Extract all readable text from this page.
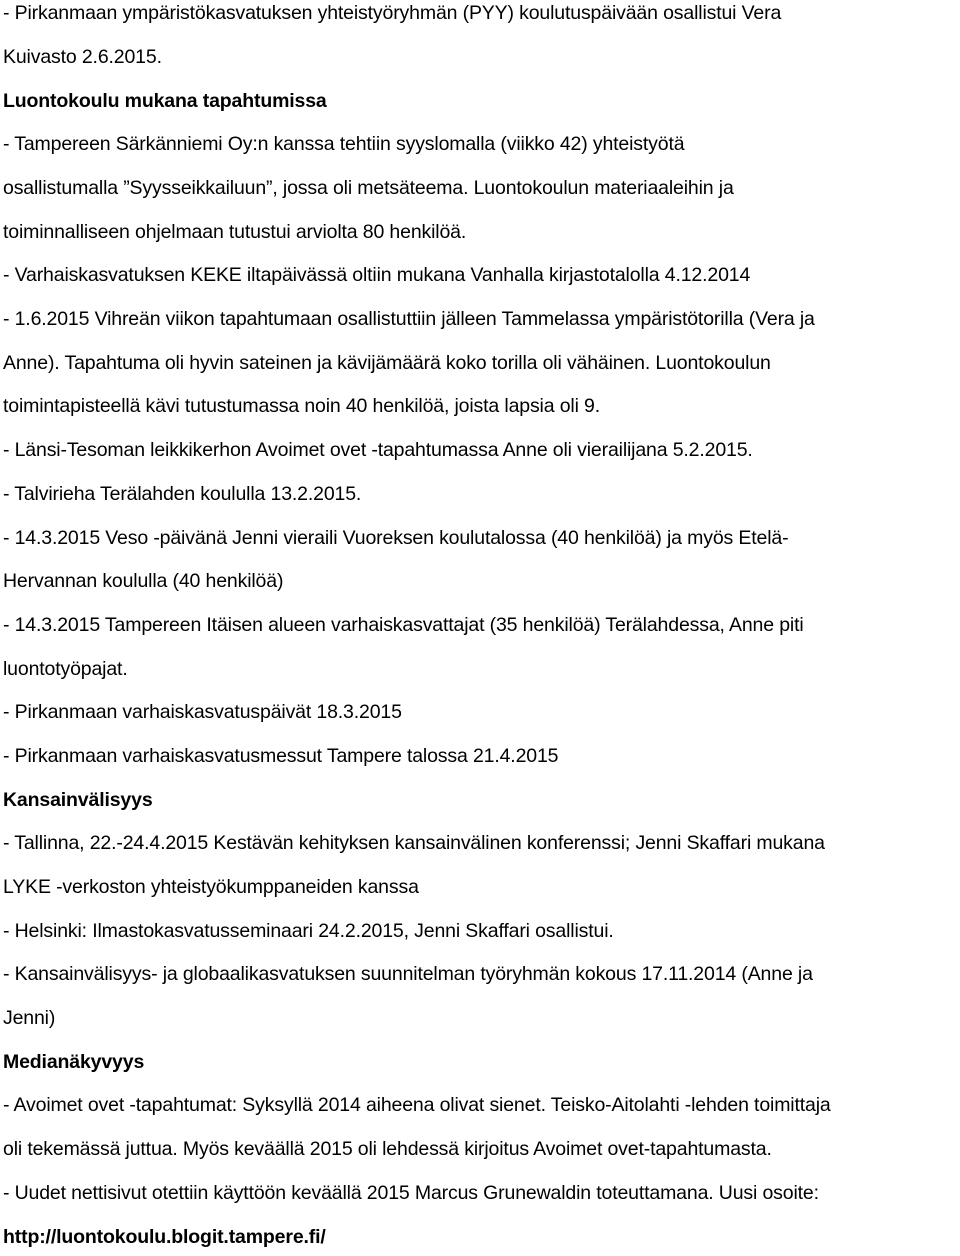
- Pirkanmaan ympäristökasvatuksen yhteistyöryhmän (PYY) koulutuspäivään osallistui Vera
Kuivasto 2.6.2015.
Luontokoulu mukana tapahtumissa
- Tampereen Särkänniemi Oy:n kanssa tehtiin syyslomalla (viikko 42) yhteistyötä
osallistumalla ”Syysseikkailuun”, jossa oli metsäteema. Luontokoulun materiaaleihin ja
toiminnalliseen ohjelmaan tutustui arviolta 80 henkilöä.
- Varhaiskasvatuksen KEKE iltapäivässä oltiin mukana Vanhalla kirjastotalolla 4.12.2014
- 1.6.2015 Vihreän viikon tapahtumaan osallistuttiin jälleen Tammelassa ympäristötorilla (Vera ja
Anne). Tapahtuma oli hyvin sateinen ja kävijämäärä koko torilla oli vähäinen. Luontokoulun
toimintapisteellä kävi tutustumassa noin 40 henkilöä, joista lapsia oli 9.
- Länsi-Tesoman leikkikerhon Avoimet ovet -tapahtumassa Anne oli vierailijana 5.2.2015.
- Talvirieha Terälahden koululla 13.2.2015.
- 14.3.2015 Veso -päivänä Jenni vieraili Vuoreksen koulutalossa (40 henkilöä) ja myös Etelä-
Hervannan koululla (40 henkilöä)
- 14.3.2015 Tampereen Itäisen alueen varhaiskasvattajat (35 henkilöä) Terälahdessa, Anne piti
luontotyöpajat.
- Pirkanmaan varhaiskasvatuspäivät 18.3.2015
- Pirkanmaan varhaiskasvatusmessut Tampere talossa 21.4.2015
Kansainvälisyys
- Tallinna, 22.-24.4.2015 Kestävän kehityksen kansainvälinen konferenssi; Jenni Skaffari mukana
LYKE -verkoston yhteistyökumppaneiden kanssa
- Helsinki: Ilmastokasvatusseminaari 24.2.2015, Jenni Skaffari osallistui.
- Kansainvälisyys- ja globaalikasvatuksen suunnitelman työryhmän kokous 17.11.2014 (Anne ja
Jenni)
Medianäkyvyys
- Avoimet ovet -tapahtumat: Syksyllä 2014 aiheena olivat sienet. Teisko-Aitolahti -lehden toimittaja
oli tekemässä juttua. Myös keväällä 2015 oli lehdessä kirjoitus Avoimet ovet-tapahtumasta.
- Uudet nettisivut otettiin käyttöön keväällä 2015 Marcus Grunewaldin toteuttamana. Uusi osoite:
http://luontokoulu.blogit.tampere.fi/
